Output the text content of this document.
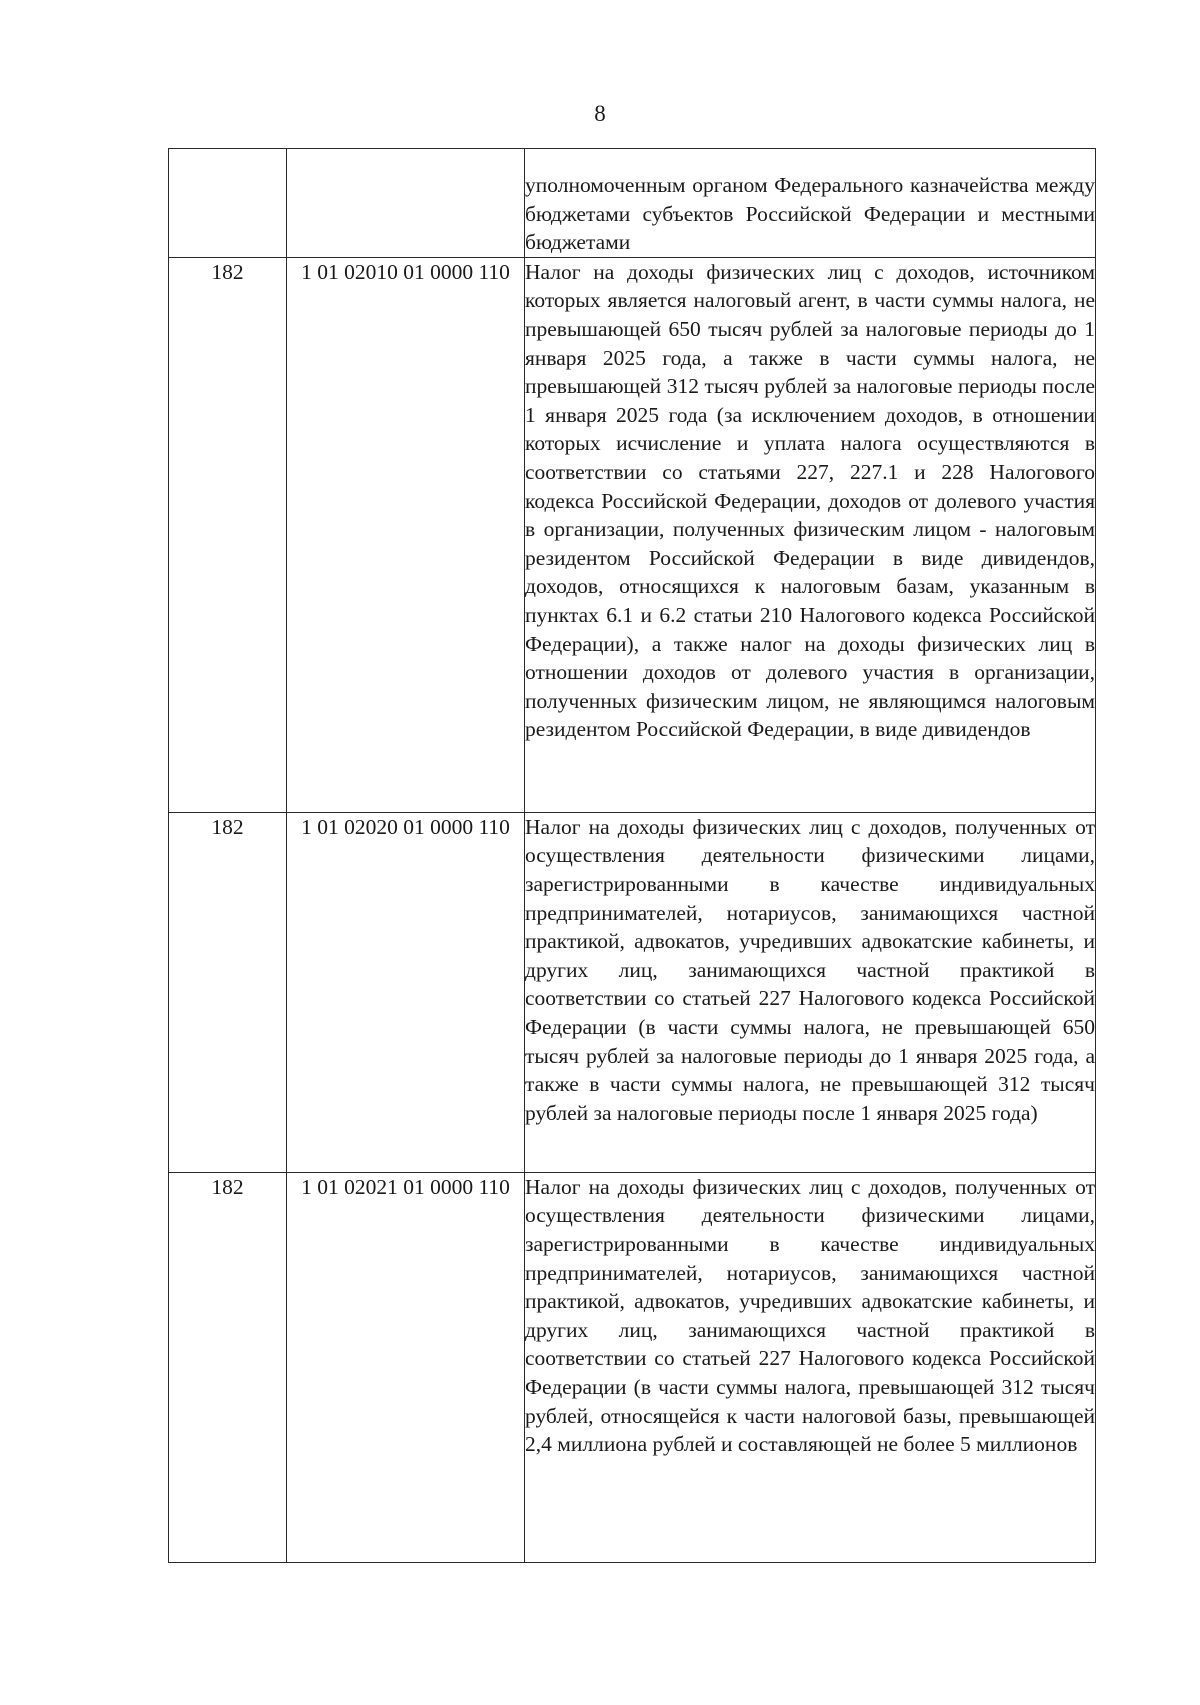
8

		уполномоченным органом Федерального казначейства между бюджетами субъектов Российской Федерации и местными бюджетами

182	1 01 02010 01 0000 110	Налог на доходы физических лиц с доходов, источником которых является налоговый агент, в части суммы налога, не превышающей 650 тысяч рублей за налоговые периоды до 1 января 2025 года, а также в части суммы налога, не превышающей 312 тысяч рублей за налоговые периоды после 1 января 2025 года (за исключением доходов, в отношении которых исчисление и уплата налога осуществляются в соответствии со статьями 227, 227.1 и 228 Налогового кодекса Российской Федерации, доходов от долевого участия в организации, полученных физическим лицом - налоговым резидентом Российской Федерации в виде дивидендов, доходов, относящихся к налоговым базам, указанным в пунктах 6.1 и 6.2 статьи 210 Налогового кодекса Российской Федерации), а также налог на доходы физических лиц в отношении доходов от долевого участия в организации, полученных физическим лицом, не являющимся налоговым резидентом Российской Федерации, в виде дивидендов

182	1 01 02020 01 0000 110	Налог на доходы физических лиц с доходов, полученных от осуществления деятельности физическими лицами, зарегистрированными в качестве индивидуальных предпринимателей, нотариусов, занимающихся частной практикой, адвокатов, учредивших адвокатские кабинеты, и других лиц, занимающихся частной практикой в соответствии со статьей 227 Налогового кодекса Российской Федерации (в части суммы налога, не превышающей 650 тысяч рублей за налоговые периоды до 1 января 2025 года, а также в части суммы налога, не превышающей 312 тысяч рублей за налоговые периоды после 1 января 2025 года)

182	1 01 02021 01 0000 110	Налог на доходы физических лиц с доходов, полученных от осуществления деятельности физическими лицами, зарегистрированными в качестве индивидуальных предпринимателей, нотариусов, занимающихся частной практикой, адвокатов, учредивших адвокатские кабинеты, и других лиц, занимающихся частной практикой в соответствии со статьей 227 Налогового кодекса Российской Федерации (в части суммы налога, превышающей 312 тысяч рублей, относящейся к части налоговой базы, превышающей 2,4 миллиона рублей и составляющей не более 5 миллионов
